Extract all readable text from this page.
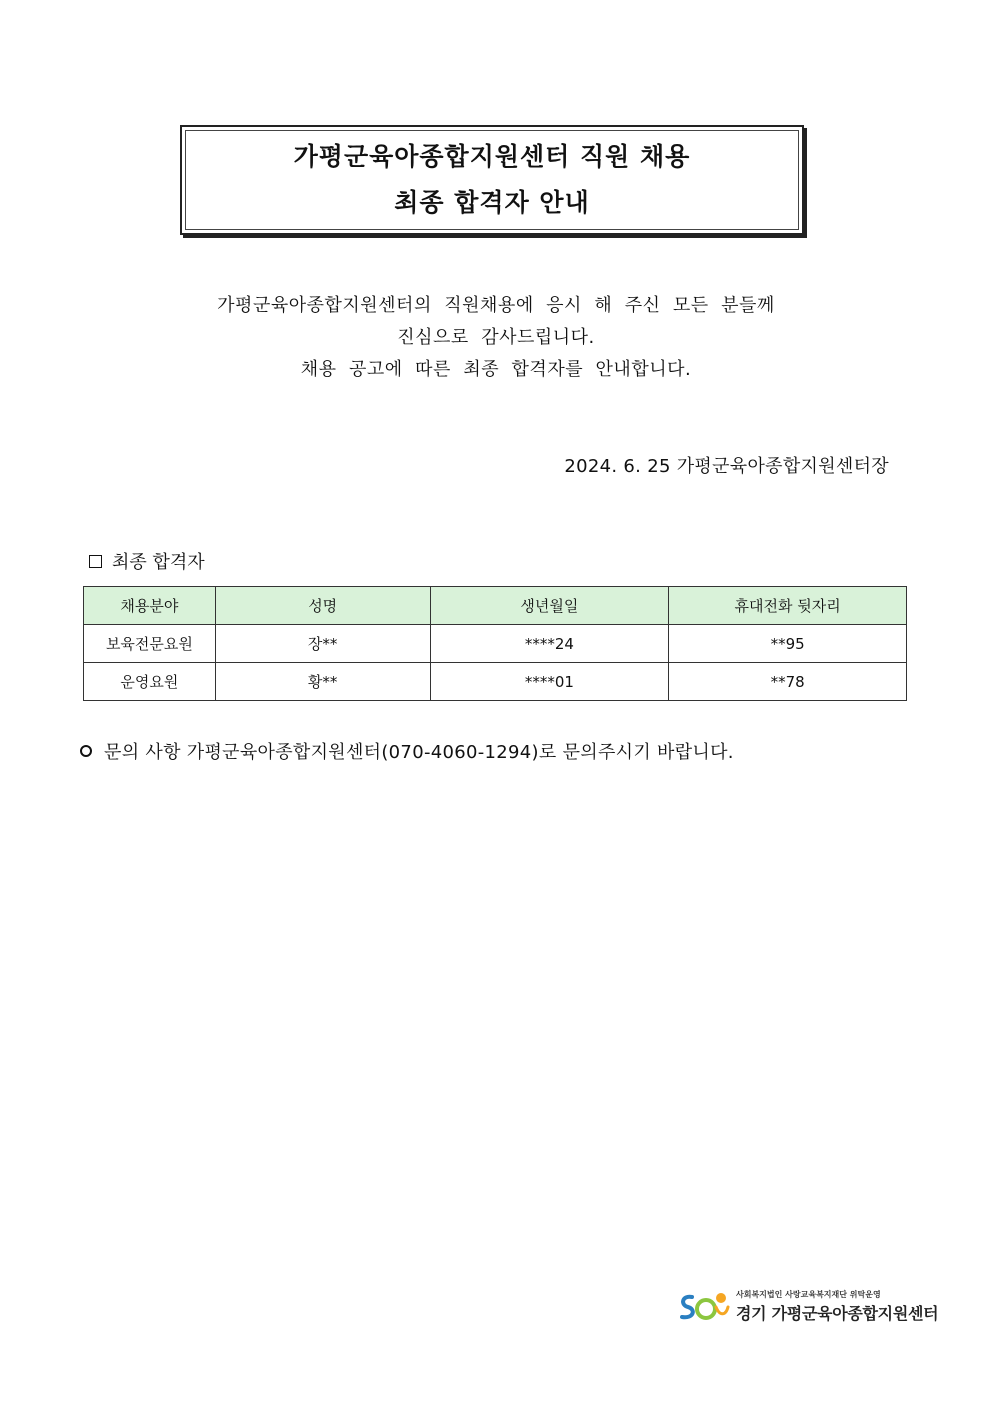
가평군육아종합지원센터 직원 채용
최종 합격자 안내
가평군육아종합지원센터의  직원채용에  응시  해  주신  모든  분들께
진심으로  감사드립니다.
채용  공고에  따른  최종  합격자를  안내합니다.
2024. 6. 25 가평군육아종합지원센터장
최종 합격자
채용분야	성명	생년월일	휴대전화 뒷자리
보육전문요원	장**	****24	**95
운영요원	황**	****01	**78
문의 사항 가평군육아종합지원센터(070-4060-1294)로 문의주시기 바랍니다.
사회복지법인 사랑교육복지재단 위탁운영
경기 가평군육아종합지원센터
